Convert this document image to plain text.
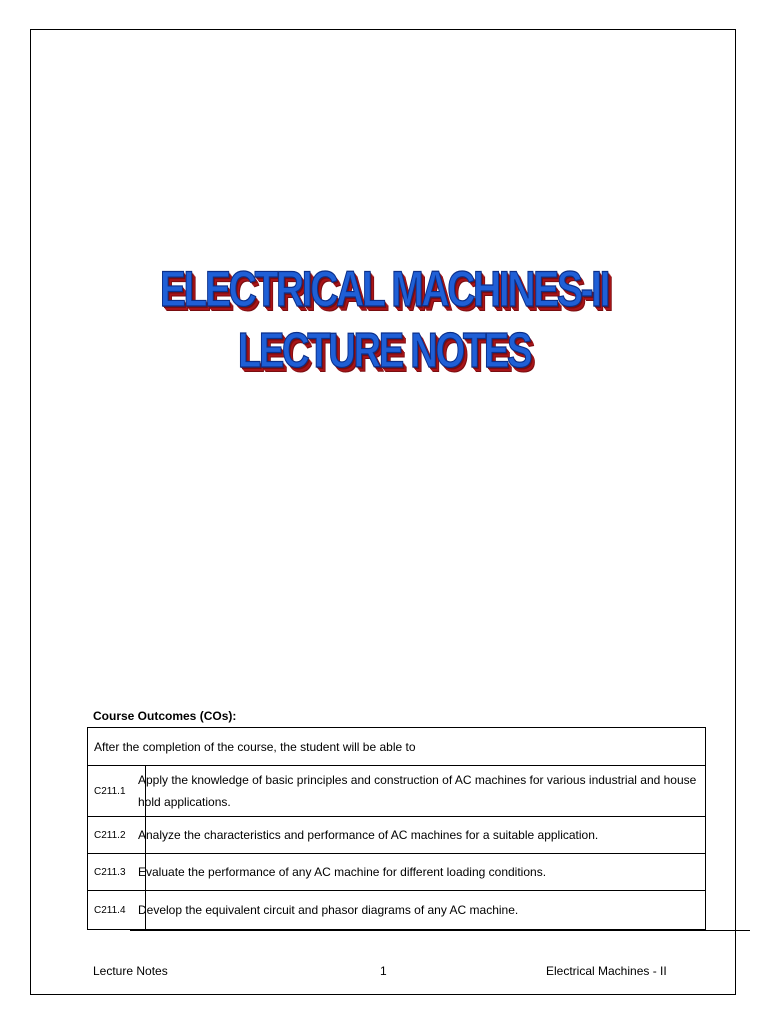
ELECTRICAL MACHINES-II
LECTURE NOTES
Course Outcomes (COs):
After the completion of the course, the student will be able to	
C211.1	Apply the knowledge of basic principles and construction of AC machines for various industrial and house hold applications.

C211.2	Analyze the characteristics and performance of AC machines for a suitable application.

C211.3	Evaluate the performance of any AC machine for different loading conditions.

C211.4	Develop the equivalent circuit and phasor diagrams of any AC machine.
Lecture Notes	1	Electrical Machines - II
